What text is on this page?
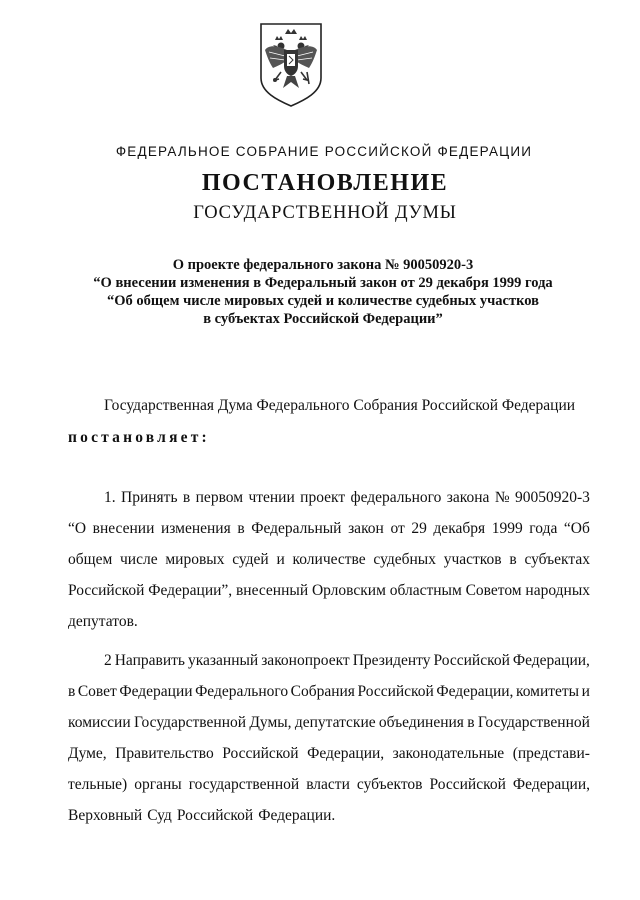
ФЕДЕРАЛЬНОЕ СОБРАНИЕ РОССИЙСКОЙ ФЕДЕРАЦИИ
ПОСТАНОВЛЕНИЕ
ГОСУДАРСТВЕННОЙ ДУМЫ
О проекте федерального закона № 90050920-3
“О внесении изменения в Федеральный закон от 29 декабря 1999 года
“Об общем числе мировых судей и количестве судебных участков
в субъектах Российской Федерации”
Государственная Дума Федерального Собрания Российской Федерации
постановляет:
1. Принять в первом чтении проект федерального закона № 90050920-3
“О внесении изменения в Федеральный закон от 29 декабря 1999 года “Об
общем числе мировых судей и количестве судебных участков в субъектах
Российской Федерации”, внесенный Орловским областным Советом народных
депутатов.
2 Направить указанный законопроект Президенту Российской Федерации,
в Совет Федерации Федерального Собрания Российской Федерации, комитеты и
комиссии Государственной Думы, депутатские объединения в Государственной
Думе, Правительство Российской Федерации, законодательные (представи-
тельные) органы государственной власти субъектов Российской Федерации,
Верховный Суд Российской Федерации.
